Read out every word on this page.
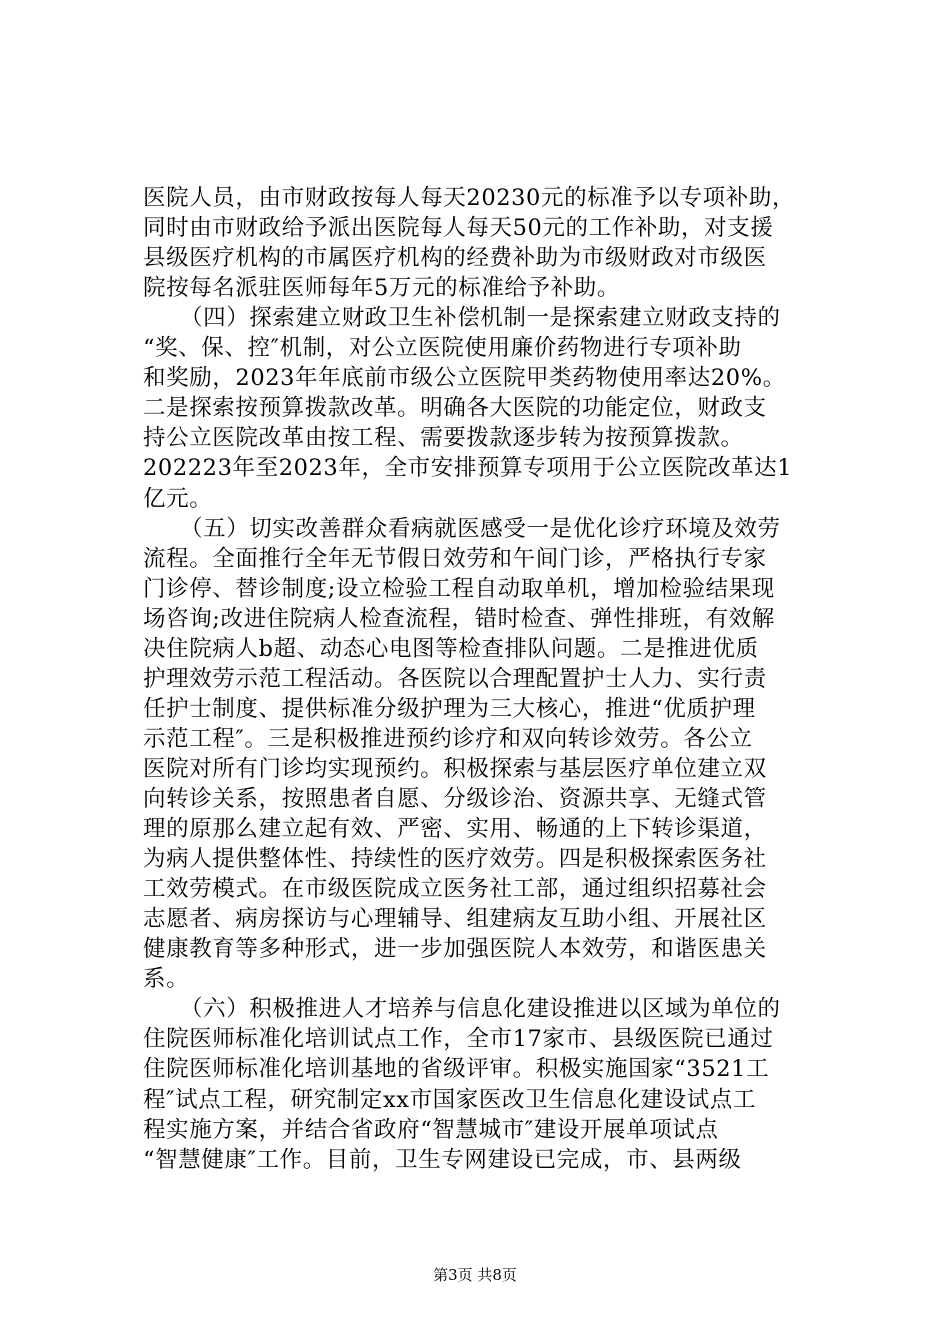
医院人员，由市财政按每人每天20230元的标准予以专项补助，
同时由市财政给予派出医院每人每天50元的工作补助，对支援
县级医疗机构的市属医疗机构的经费补助为市级财政对市级医
院按每名派驻医师每年5万元的标准给予补助。
（四）探索建立财政卫生补偿机制一是探索建立财政支持的
“奖、保、控″机制，对公立医院使用廉价药物进行专项补助
和奖励，2023年年底前市级公立医院甲类药物使用率达20%。
二是探索按预算拨款改革。明确各大医院的功能定位，财政支
持公立医院改革由按工程、需要拨款逐步转为按预算拨款。
202223年至2023年，全市安排预算专项用于公立医院改革达1
亿元。
（五）切实改善群众看病就医感受一是优化诊疗环境及效劳
流程。全面推行全年无节假日效劳和午间门诊，严格执行专家
门诊停、替诊制度;设立检验工程自动取单机，增加检验结果现
场咨询;改进住院病人检查流程，错时检查、弹性排班，有效解
决住院病人b超、动态心电图等检查排队问题。二是推进优质
护理效劳示范工程活动。各医院以合理配置护士人力、实行责
任护士制度、提供标准分级护理为三大核心，推进“优质护理
示范工程″。三是积极推进预约诊疗和双向转诊效劳。各公立
医院对所有门诊均实现预约。积极探索与基层医疗单位建立双
向转诊关系，按照患者自愿、分级诊治、资源共享、无缝式管
理的原那么建立起有效、严密、实用、畅通的上下转诊渠道，
为病人提供整体性、持续性的医疗效劳。四是积极探索医务社
工效劳模式。在市级医院成立医务社工部，通过组织招募社会
志愿者、病房探访与心理辅导、组建病友互助小组、开展社区
健康教育等多种形式，进一步加强医院人本效劳，和谐医患关
系。
（六）积极推进人才培养与信息化建设推进以区域为单位的
住院医师标准化培训试点工作，全市17家市、县级医院已通过
住院医师标准化培训基地的省级评审。积极实施国家“3521工
程″试点工程，研究制定xx市国家医改卫生信息化建设试点工
程实施方案，并结合省政府“智慧城市″建设开展单项试点
“智慧健康″工作。目前，卫生专网建设已完成，市、县两级
第3页 共8页
